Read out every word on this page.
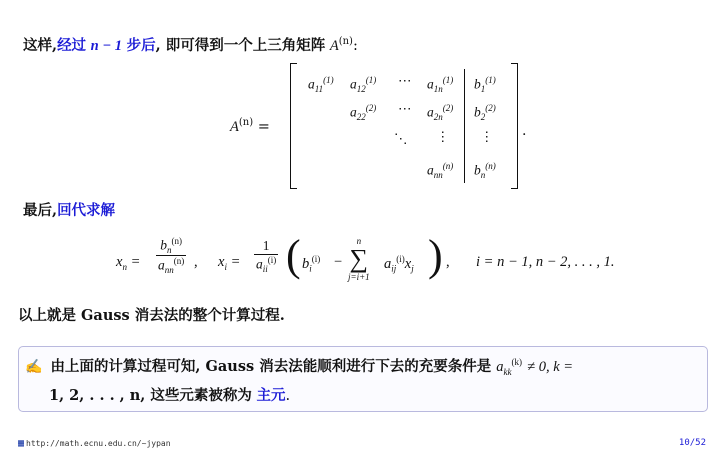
这样,经过 n − 1 步后, 即可得到一个上三角矩阵 $A^{(n)}$:
$A^{(n)}$ =
$a_{11}^{(1)}$ $a_{12}^{(1)}$ ⋯ $a_{1n}^{(1)}$ $b_1^{(1)}$
$a_{22}^{(2)}$ ⋯ $a_{2n}^{(2)}$ $b_2^{(2)}$
⋱ ⋮ ⋮
$a_{nn}^{(n)}$ $b_n^{(n)}$
.
最后,回代求解
$x_n$ =
$b_n^{(n)}$
$a_{nn}^{(n)}$ , $x_i$ =
1
$a_{ii}^{(i)}$ ( $b_i^{(i)}$ −
n
∑
j=i+1
$a_{ij}^{(i)}x_j$ ) , i = n − 1, n − 2, . . . , 1.
以上就是 Gauss 消去法的整个计算过程.
✍ 由上面的计算过程可知, Gauss 消去法能顺利进行下去的充要条件是 $a_{kk}^{(k)} \ne 0$, k =
1, 2, . . . , n, 这些元素被称为 主元.
▦ http://math.ecnu.edu.cn/~jypan	10/52
